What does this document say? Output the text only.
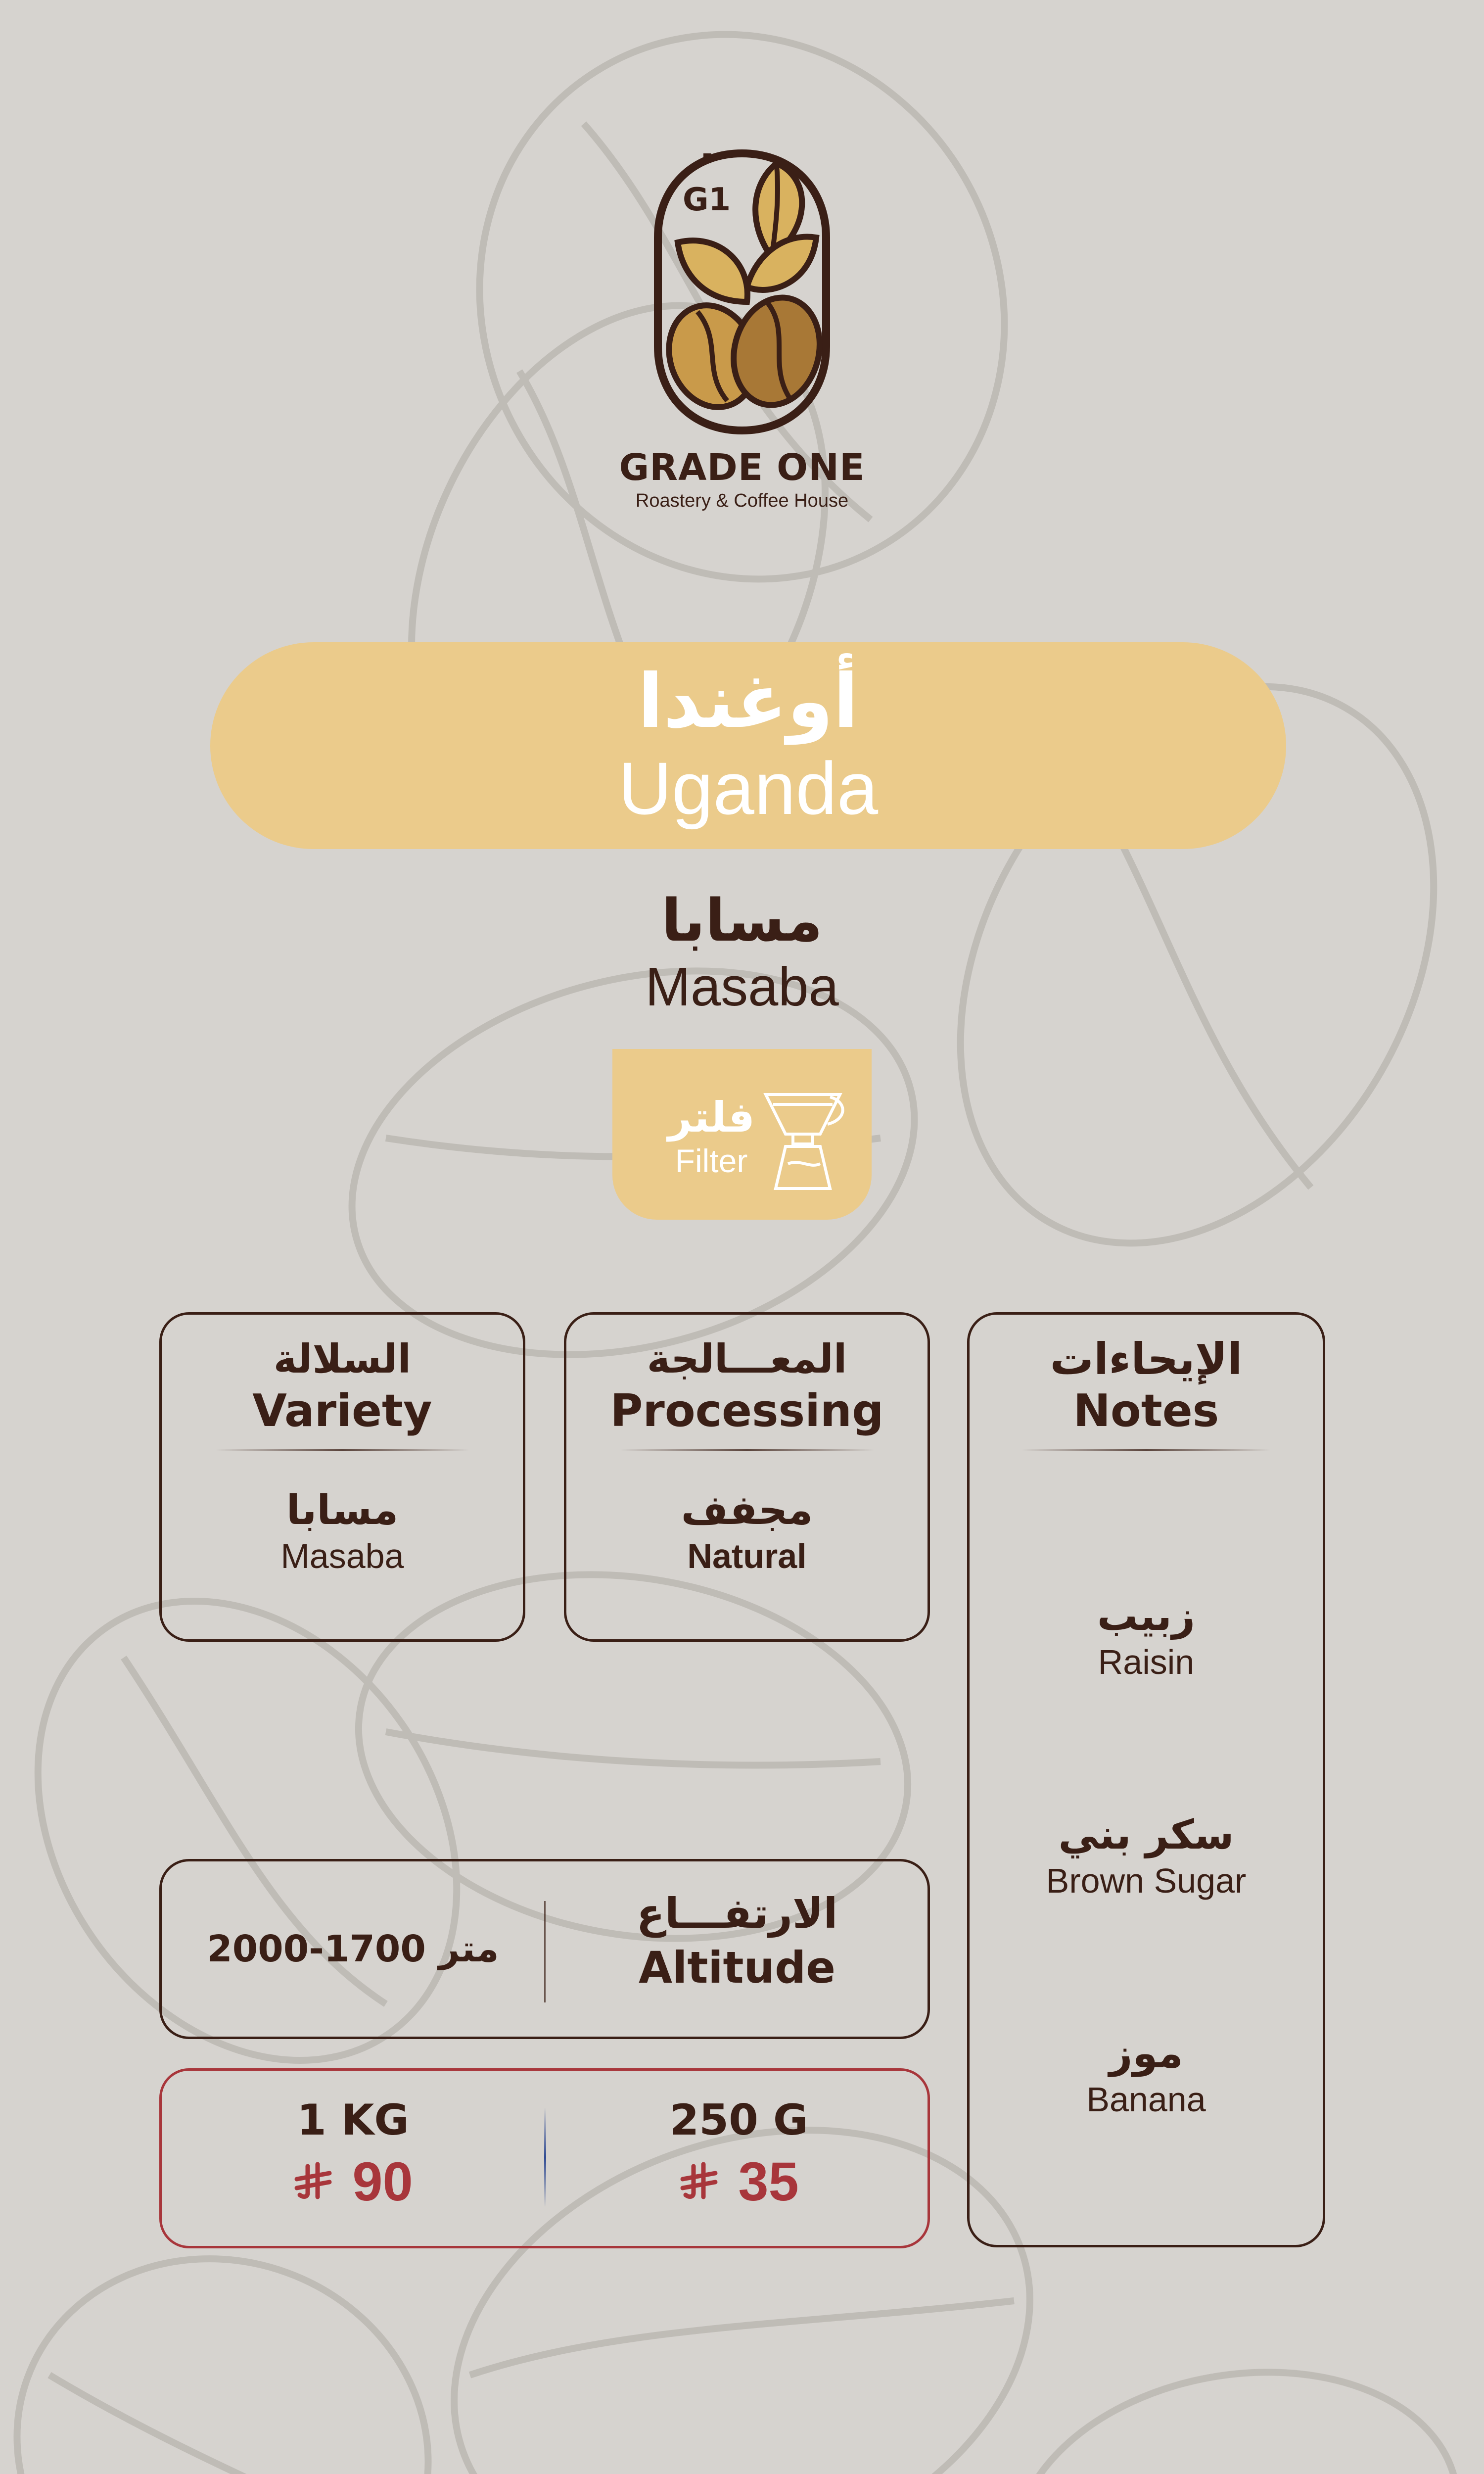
G1
GRADE ONE
Roastery & Coffee House
أوغندا
Uganda
مسابا
Masaba
فلتر
Filter
السلالة
Variety
مسابا
Masaba
المعـــالجة
Processing
مجفف
Natural
الإيحاءات
Notes
زبيب
Raisin
سكر بني
Brown Sugar
موز
Banana
2000-1700 متر
الارتفـــاع
Altitude
1 KG
90
250 G
35
